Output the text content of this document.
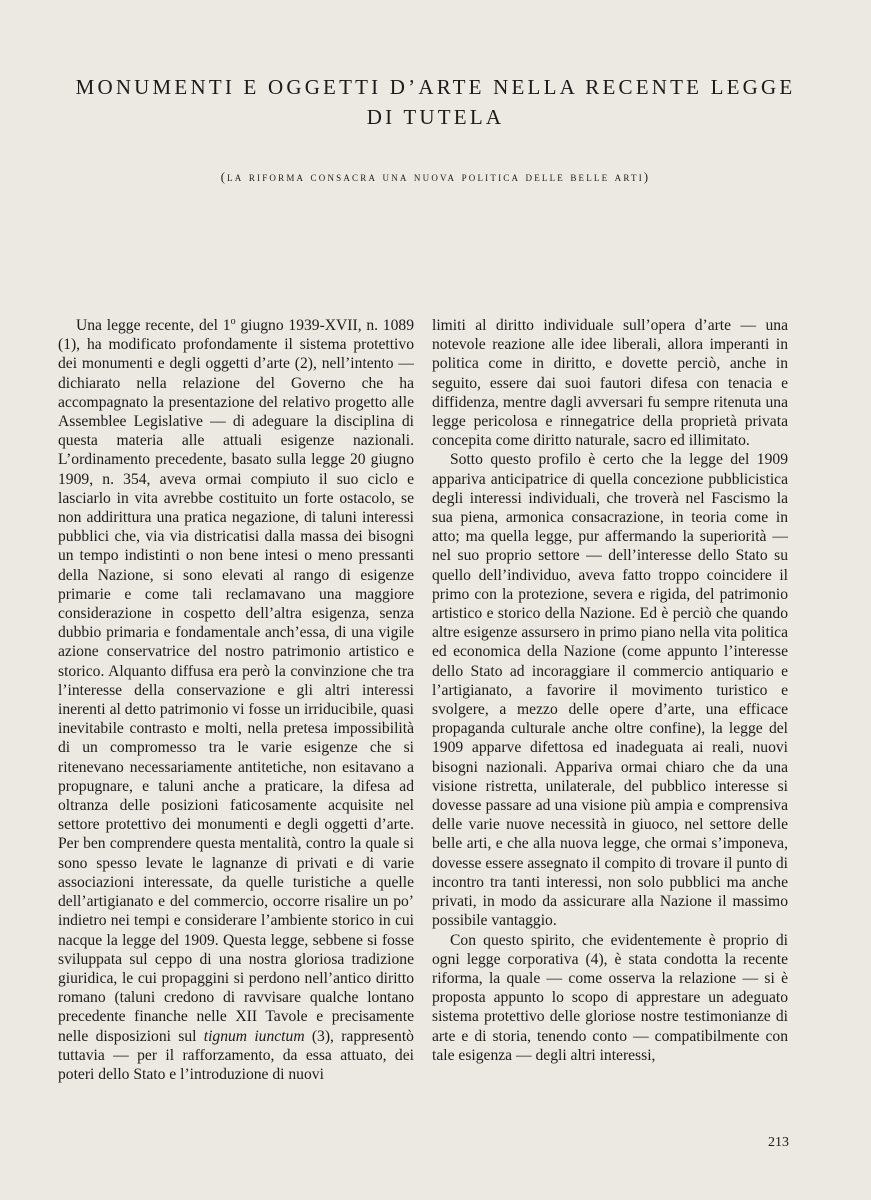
MONUMENTI E OGGETTI D’ARTE NELLA RECENTE LEGGE
DI TUTELA
(la riforma consacra una nuova politica delle belle arti)

Una legge recente, del 1$^o$ giugno 1939-XVII, n. 1089 (1), ha modificato profondamente il sistema protettivo dei monumenti e degli oggetti d’arte (2), nell’intento — dichiarato nella relazione del Governo che ha accompagnato la presentazione del relativo progetto alle Assemblee Legislative — di adeguare la disciplina di questa materia alle attuali esigenze nazionali. L’ordinamento precedente, basato sulla legge 20 giugno 1909, n. 354, aveva ormai compiuto il suo ciclo e lasciarlo in vita avrebbe costituito un forte ostacolo, se non addirittura una pratica negazione, di taluni interessi pubblici che, via via districatisi dalla massa dei bisogni un tempo indistinti o non bene intesi o meno pressanti della Nazione, si sono elevati al rango di esigenze primarie e come tali reclamavano una maggiore considerazione in cospetto dell’altra esigenza, senza dubbio primaria e fondamentale anch’essa, di una vigile azione conservatrice del nostro patrimonio artistico e storico. Alquanto diffusa era però la convinzione che tra l’interesse della conservazione e gli altri interessi inerenti al detto patrimonio vi fosse un irriducibile, quasi inevitabile contrasto e molti, nella pretesa impossibilità di un compromesso tra le varie esigenze che si ritenevano necessariamente antitetiche, non esitavano a propugnare, e taluni anche a praticare, la difesa ad oltranza delle posizioni faticosamente acquisite nel settore protettivo dei monumenti e degli oggetti d’arte. Per ben comprendere questa mentalità, contro la quale si sono spesso levate le lagnanze di privati e di varie associazioni interessate, da quelle turistiche a quelle dell’artigianato e del commercio, occorre risalire un po’ indietro nei tempi e considerare l’ambiente storico in cui nacque la legge del 1909. Questa legge, sebbene si fosse sviluppata sul ceppo di una nostra gloriosa tradizione giuridica, le cui propaggini si perdono nell’antico diritto romano (taluni credono di ravvisare qualche lontano precedente finanche nelle XII Tavole e precisamente nelle disposizioni sul tignum iunctum (3), rappresentò tuttavia — per il rafforzamento, da essa attuato, dei poteri dello Stato e l’introduzione di nuovi

limiti al diritto individuale sull’opera d’arte — una notevole reazione alle idee liberali, allora imperanti in politica come in diritto, e dovette perciò, anche in seguito, essere dai suoi fautori difesa con tenacia e diffidenza, mentre dagli avversari fu sempre ritenuta una legge pericolosa e rinnegatrice della proprietà privata concepita come diritto naturale, sacro ed illimitato.

Sotto questo profilo è certo che la legge del 1909 appariva anticipatrice di quella concezione pubblicistica degli interessi individuali, che troverà nel Fascismo la sua piena, armonica consacrazione, in teoria come in atto; ma quella legge, pur affermando la superiorità — nel suo proprio settore — dell’interesse dello Stato su quello dell’individuo, aveva fatto troppo coincidere il primo con la protezione, severa e rigida, del patrimonio artistico e storico della Nazione. Ed è perciò che quando altre esigenze assursero in primo piano nella vita politica ed economica della Nazione (come appunto l’interesse dello Stato ad incoraggiare il commercio antiquario e l’artigianato, a favorire il movimento turistico e svolgere, a mezzo delle opere d’arte, una efficace propaganda culturale anche oltre confine), la legge del 1909 apparve difettosa ed inadeguata ai reali, nuovi bisogni nazionali. Appariva ormai chiaro che da una visione ristretta, unilaterale, del pubblico interesse si dovesse passare ad una visione più ampia e comprensiva delle varie nuove necessità in giuoco, nel settore delle belle arti, e che alla nuova legge, che ormai s’imponeva, dovesse essere assegnato il compito di trovare il punto di incontro tra tanti interessi, non solo pubblici ma anche privati, in modo da assicurare alla Nazione il massimo possibile vantaggio.

Con questo spirito, che evidentemente è proprio di ogni legge corporativa (4), è stata condotta la recente riforma, la quale — come osserva la relazione — si è proposta appunto lo scopo di apprestare un adeguato sistema protettivo delle gloriose nostre testimonianze di arte e di storia, tenendo conto — compatibilmente con tale esigenza — degli altri interessi,

213
